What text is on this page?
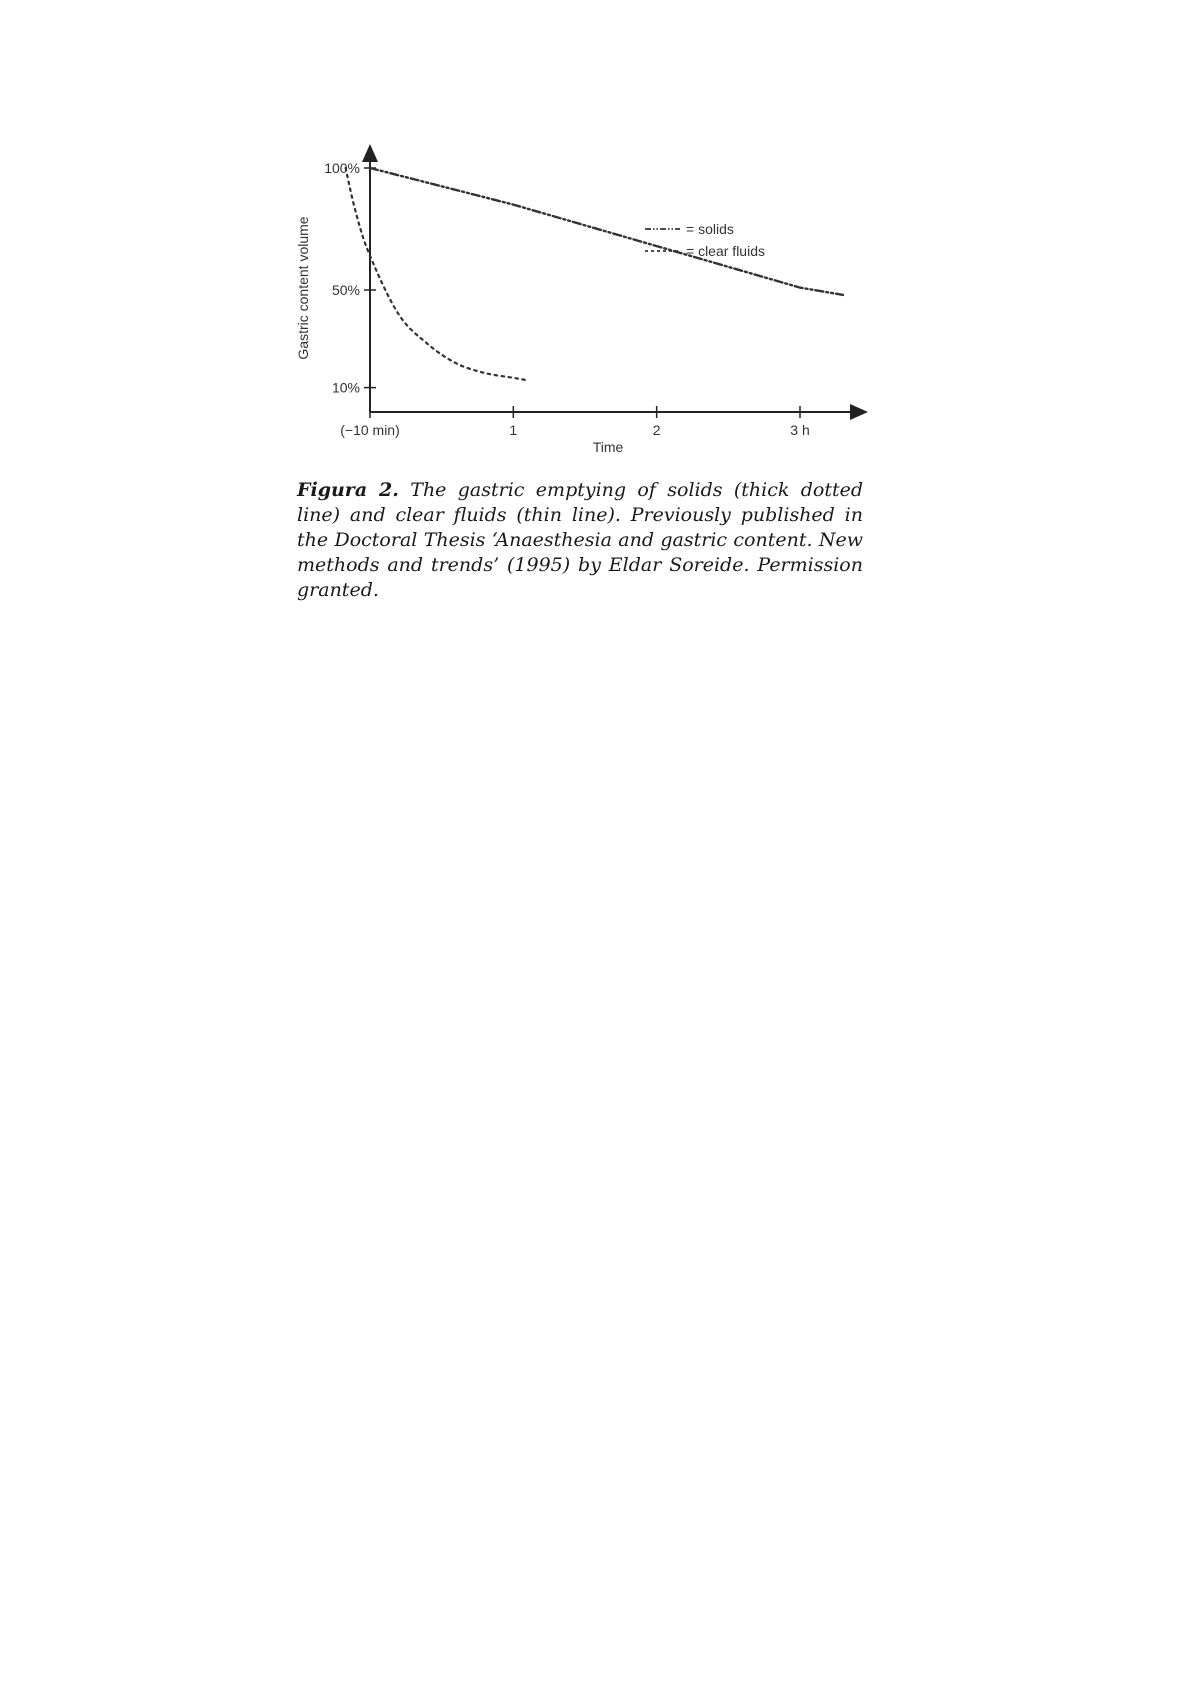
100%
50%
10%
(−10 min)	1	2	3 h
Gastric content volume
Time
= solids
= clear fluids

Figura 2. The gastric emptying of solids (thick dotted line) and clear fluids (thin line). Previously published in the Doctoral Thesis ‘Anaesthesia and gastric content. New methods and trends’ (1995) by Eldar Soreide. Permission granted.
